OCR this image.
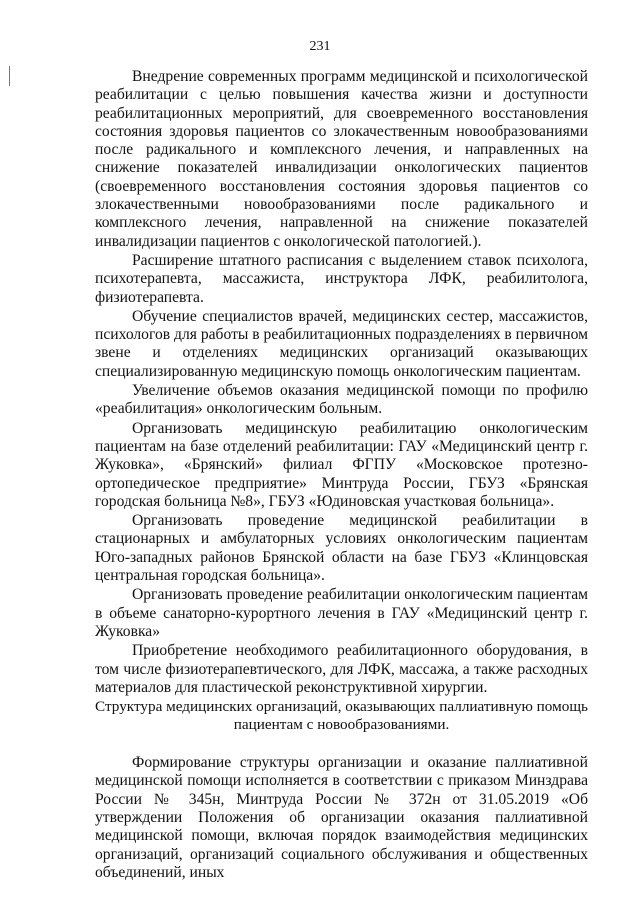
231

Внедрение современных программ медицинской и психологической реабилитации с целью повышения качества жизни и доступности реабилитационных мероприятий, для своевременного восстановления состояния здоровья пациентов со злокачественным новообразованиями после радикального и комплексного лечения, и направленных на снижение показателей инвалидизации онкологических пациентов (своевременного восстановления состояния здоровья пациентов со злокачественными новообразованиями после радикального и комплексного лечения, направленной на снижение показателей инвалидизации пациентов с онкологической патологией.).

Расширение штатного расписания с выделением ставок психолога, психотерапевта, массажиста, инструктора ЛФК, реабилитолога, физиотерапевта.

Обучение специалистов врачей, медицинских сестер, массажистов, психологов для работы в реабилитационных подразделениях в первичном звене и отделениях медицинских организаций оказывающих специализированную медицинскую помощь онкологическим пациентам.

Увеличение объемов оказания медицинской помощи по профилю «реабилитация» онкологическим больным.

Организовать медицинскую реабилитацию онкологическим пациентам на базе отделений реабилитации: ГАУ «Медицинский центр г. Жуковка», «Брянский» филиал ФГПУ «Московское протезно-ортопедическое предприятие» Минтруда России, ГБУЗ «Брянская городская больница №8», ГБУЗ «Юдиновская участковая больница».

Организовать проведение медицинской реабилитации в стационарных и амбулаторных условиях онкологическим пациентам Юго-западных районов Брянской области на базе ГБУЗ «Клинцовская центральная городская больница».

Организовать проведение реабилитации онкологическим пациентам в объеме санаторно-курортного лечения в ГАУ «Медицинский центр г. Жуковка»

Приобретение необходимого реабилитационного оборудования, в том числе физиотерапевтического, для ЛФК, массажа, а также расходных материалов для пластической реконструктивной хирургии.

Структура медицинских организаций, оказывающих паллиативную помощь пациентам с новообразованиями.

Формирование структуры организации и оказание паллиативной медицинской помощи исполняется в соответствии с приказом Минздрава России № 345н, Минтруда России № 372н от 31.05.2019 «Об утверждении Положения об организации оказания паллиативной медицинской помощи, включая порядок взаимодействия медицинских организаций, организаций социального обслуживания и общественных объединений, иных
